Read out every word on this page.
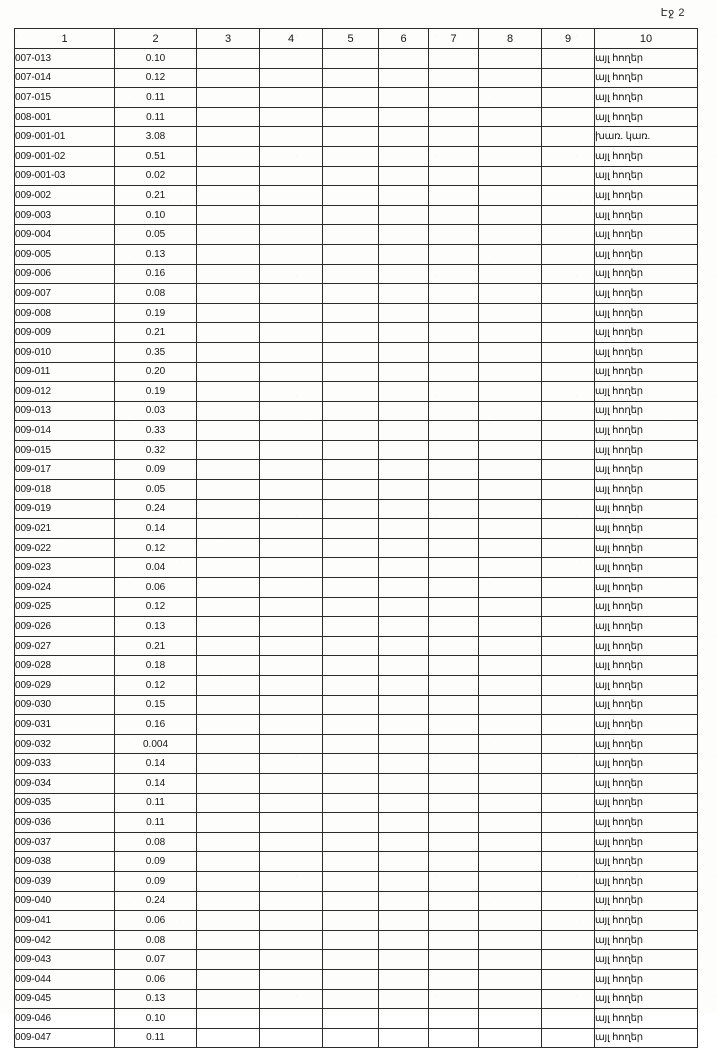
Էջ 2
1	2	3	4	5	6	7	8	9	10
007-013	0.10								այլ հողեր
007-014	0.12								այլ հողեր
007-015	0.11								այլ հողեր
008-001	0.11								այլ հողեր
009-001-01	3.08								խառ. կառ.
009-001-02	0.51								այլ հողեր
009-001-03	0.02								այլ հողեր
009-002	0.21								այլ հողեր
009-003	0.10								այլ հողեր
009-004	0.05								այլ հողեր
009-005	0.13								այլ հողեր
009-006	0.16								այլ հողեր
009-007	0.08								այլ հողեր
009-008	0.19								այլ հողեր
009-009	0.21								այլ հողեր
009-010	0.35								այլ հողեր
009-011	0.20								այլ հողեր
009-012	0.19								այլ հողեր
009-013	0.03								այլ հողեր
009-014	0.33								այլ հողեր
009-015	0.32								այլ հողեր
009-017	0.09								այլ հողեր
009-018	0.05								այլ հողեր
009-019	0.24								այլ հողեր
009-021	0.14								այլ հողեր
009-022	0.12								այլ հողեր
009-023	0.04								այլ հողեր
009-024	0.06								այլ հողեր
009-025	0.12								այլ հողեր
009-026	0.13								այլ հողեր
009-027	0.21								այլ հողեր
009-028	0.18								այլ հողեր
009-029	0.12								այլ հողեր
009-030	0.15								այլ հողեր
009-031	0.16								այլ հողեր
009-032	0.004								այլ հողեր
009-033	0.14								այլ հողեր
009-034	0.14								այլ հողեր
009-035	0.11								այլ հողեր
009-036	0.11								այլ հողեր
009-037	0.08								այլ հողեր
009-038	0.09								այլ հողեր
009-039	0.09								այլ հողեր
009-040	0.24								այլ հողեր
009-041	0.06								այլ հողեր
009-042	0.08								այլ հողեր
009-043	0.07								այլ հողեր
009-044	0.06								այլ հողեր
009-045	0.13								այլ հողեր
009-046	0.10								այլ հողեր
009-047	0.11								այլ հողեր
